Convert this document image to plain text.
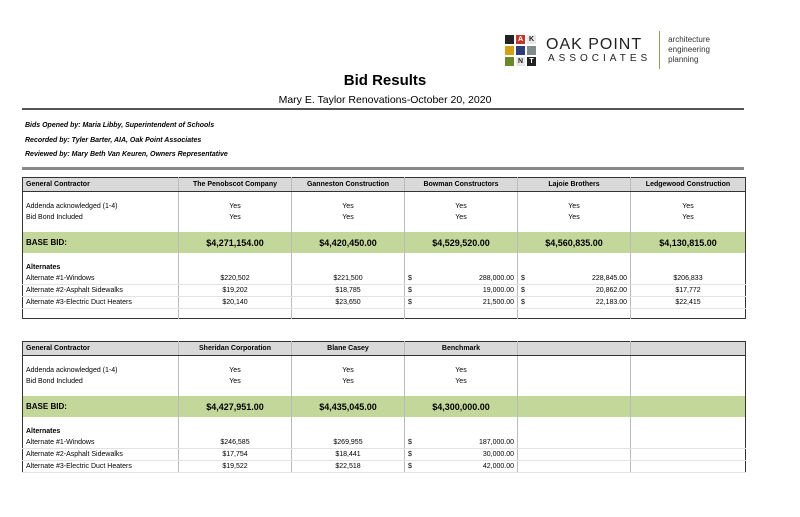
A K
N T
OAK POINT
ASSOCIATES
architecture
engineering
planning
Bid Results
Mary E. Taylor Renovations-October 20, 2020
Bids Opened by: Maria Libby, Superintendent of Schools
Recorded by: Tyler Barter, AIA, Oak Point Associates
Reviewed by: Mary Beth Van Keuren, Owners Representative
General Contractor	The Penobscot Company	Ganneston Construction	Bowman Constructors	Lajoie Brothers	Ledgewood Construction

Addenda acknowledged (1-4)	Yes	Yes	Yes	Yes	Yes
Bid Bond Included	Yes	Yes	Yes	Yes	Yes

BASE BID:	$4,271,154.00	$4,420,450.00	$4,529,520.00	$4,560,835.00	$4,130,815.00

Alternates					
Alternate #1-Windows	$220,502	$221,500	$ 288,000.00	$ 228,845.00	$206,833
Alternate #2-Asphalt Sidewalks	$19,202	$18,785	$ 19,000.00	$ 20,862.00	$17,772
Alternate #3-Electric Duct Heaters	$20,140	$23,650	$ 21,500.00	$ 22,183.00	$22,415

General Contractor	Sheridan Corporation	Blane Casey	Benchmark		

Addenda acknowledged (1-4)	Yes	Yes	Yes		
Bid Bond Included	Yes	Yes	Yes		

BASE BID:	$4,427,951.00	$4,435,045.00	$4,300,000.00		

Alternates					
Alternate #1-Windows	$246,585	$269,955	$ 187,000.00		

Alternate #2-Asphalt Sidewalks	$17,754	$18,441	$ 30,000.00		

Alternate #3-Electric Duct Heaters	$19,522	$22,518	$ 42,000.00		
